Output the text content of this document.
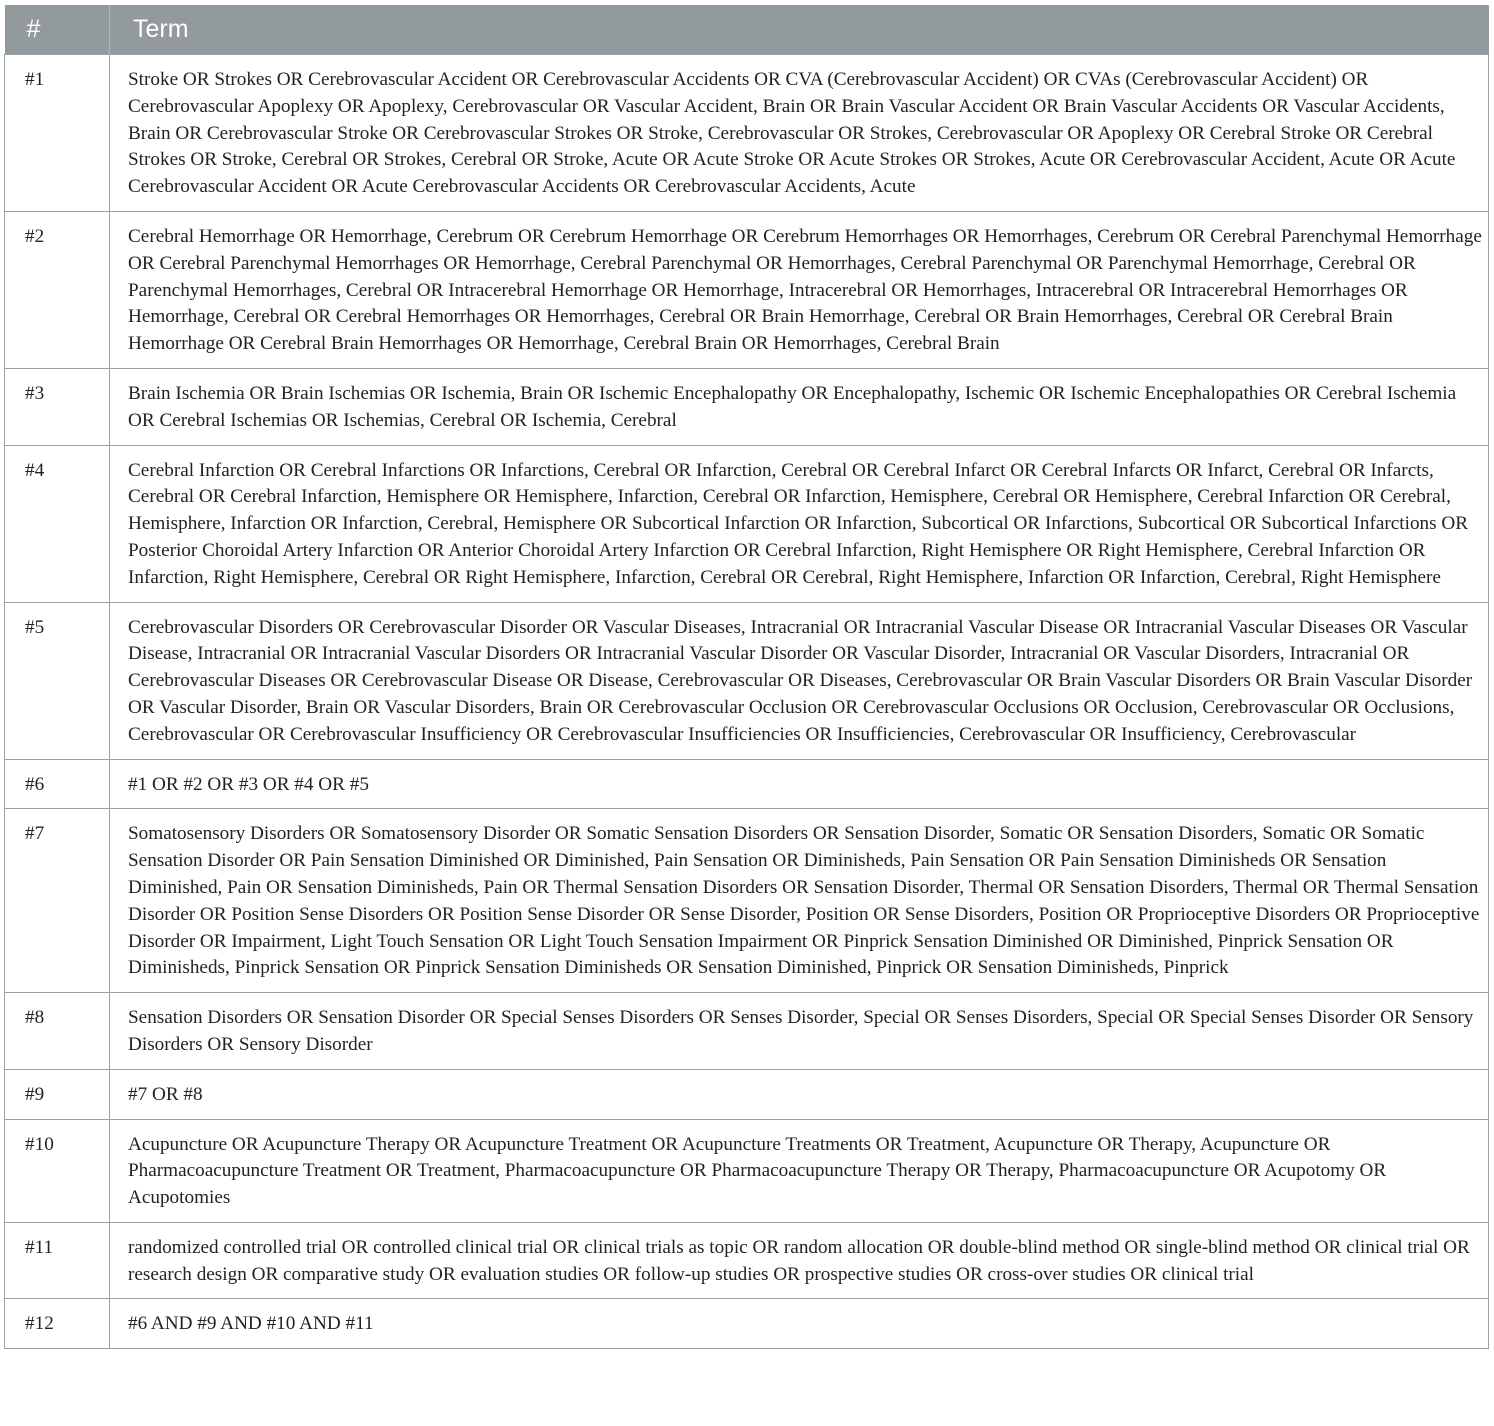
#	Term
#1	Stroke OR Strokes OR Cerebrovascular Accident OR Cerebrovascular Accidents OR CVA (Cerebrovascular Accident) OR CVAs (Cerebrovascular Accident) OR Cerebrovascular Apoplexy OR Apoplexy, Cerebrovascular OR Vascular Accident, Brain OR Brain Vascular Accident OR Brain Vascular Accidents OR Vascular Accidents, Brain OR Cerebrovascular Stroke OR Cerebrovascular Strokes OR Stroke, Cerebrovascular OR Strokes, Cerebrovascular OR Apoplexy OR Cerebral Stroke OR Cerebral Strokes OR Stroke, Cerebral OR Strokes, Cerebral OR Stroke, Acute OR Acute Stroke OR Acute Strokes OR Strokes, Acute OR Cerebrovascular Accident, Acute OR Acute Cerebrovascular Accident OR Acute Cerebrovascular Accidents OR Cerebrovascular Accidents, Acute
#2	Cerebral Hemorrhage OR Hemorrhage, Cerebrum OR Cerebrum Hemorrhage OR Cerebrum Hemorrhages OR Hemorrhages, Cerebrum OR Cerebral Parenchymal Hemorrhage OR Cerebral Parenchymal Hemorrhages OR Hemorrhage, Cerebral Parenchymal OR Hemorrhages, Cerebral Parenchymal OR Parenchymal Hemorrhage, Cerebral OR Parenchymal Hemorrhages, Cerebral OR Intracerebral Hemorrhage OR Hemorrhage, Intracerebral OR Hemorrhages, Intracerebral OR Intracerebral Hemorrhages OR Hemorrhage, Cerebral OR Cerebral Hemorrhages OR Hemorrhages, Cerebral OR Brain Hemorrhage, Cerebral OR Brain Hemorrhages, Cerebral OR Cerebral Brain Hemorrhage OR Cerebral Brain Hemorrhages OR Hemorrhage, Cerebral Brain OR Hemorrhages, Cerebral Brain
#3	Brain Ischemia OR Brain Ischemias OR Ischemia, Brain OR Ischemic Encephalopathy OR Encephalopathy, Ischemic OR Ischemic Encephalopathies OR Cerebral Ischemia OR Cerebral Ischemias OR Ischemias, Cerebral OR Ischemia, Cerebral
#4	Cerebral Infarction OR Cerebral Infarctions OR Infarctions, Cerebral OR Infarction, Cerebral OR Cerebral Infarct OR Cerebral Infarcts OR Infarct, Cerebral OR Infarcts, Cerebral OR Cerebral Infarction, Hemisphere OR Hemisphere, Infarction, Cerebral OR Infarction, Hemisphere, Cerebral OR Hemisphere, Cerebral Infarction OR Cerebral, Hemisphere, Infarction OR Infarction, Cerebral, Hemisphere OR Subcortical Infarction OR Infarction, Subcortical OR Infarctions, Subcortical OR Subcortical Infarctions OR Posterior Choroidal Artery Infarction OR Anterior Choroidal Artery Infarction OR Cerebral Infarction, Right Hemisphere OR Right Hemisphere, Cerebral Infarction OR Infarction, Right Hemisphere, Cerebral OR Right Hemisphere, Infarction, Cerebral OR Cerebral, Right Hemisphere, Infarction OR Infarction, Cerebral, Right Hemisphere
#5	Cerebrovascular Disorders OR Cerebrovascular Disorder OR Vascular Diseases, Intracranial OR Intracranial Vascular Disease OR Intracranial Vascular Diseases OR Vascular Disease, Intracranial OR Intracranial Vascular Disorders OR Intracranial Vascular Disorder OR Vascular Disorder, Intracranial OR Vascular Disorders, Intracranial OR Cerebrovascular Diseases OR Cerebrovascular Disease OR Disease, Cerebrovascular OR Diseases, Cerebrovascular OR Brain Vascular Disorders OR Brain Vascular Disorder OR Vascular Disorder, Brain OR Vascular Disorders, Brain OR Cerebrovascular Occlusion OR Cerebrovascular Occlusions OR Occlusion, Cerebrovascular OR Occlusions, Cerebrovascular OR Cerebrovascular Insufficiency OR Cerebrovascular Insufficiencies OR Insufficiencies, Cerebrovascular OR Insufficiency, Cerebrovascular
#6	#1 OR #2 OR #3 OR #4 OR #5
#7	Somatosensory Disorders OR Somatosensory Disorder OR Somatic Sensation Disorders OR Sensation Disorder, Somatic OR Sensation Disorders, Somatic OR Somatic Sensation Disorder OR Pain Sensation Diminished OR Diminished, Pain Sensation OR Diminisheds, Pain Sensation OR Pain Sensation Diminisheds OR Sensation Diminished, Pain OR Sensation Diminisheds, Pain OR Thermal Sensation Disorders OR Sensation Disorder, Thermal OR Sensation Disorders, Thermal OR Thermal Sensation Disorder OR Position Sense Disorders OR Position Sense Disorder OR Sense Disorder, Position OR Sense Disorders, Position OR Proprioceptive Disorders OR Proprioceptive Disorder OR Impairment, Light Touch Sensation OR Light Touch Sensation Impairment OR Pinprick Sensation Diminished OR Diminished, Pinprick Sensation OR Diminisheds, Pinprick Sensation OR Pinprick Sensation Diminisheds OR Sensation Diminished, Pinprick OR Sensation Diminisheds, Pinprick
#8	Sensation Disorders OR Sensation Disorder OR Special Senses Disorders OR Senses Disorder, Special OR Senses Disorders, Special OR Special Senses Disorder OR Sensory Disorders OR Sensory Disorder
#9	#7 OR #8
#10	Acupuncture OR Acupuncture Therapy OR Acupuncture Treatment OR Acupuncture Treatments OR Treatment, Acupuncture OR Therapy, Acupuncture OR Pharmacoacupuncture Treatment OR Treatment, Pharmacoacupuncture OR Pharmacoacupuncture Therapy OR Therapy, Pharmacoacupuncture OR Acupotomy OR Acupotomies
#11	randomized controlled trial OR controlled clinical trial OR clinical trials as topic OR random allocation OR double-blind method OR single-blind method OR clinical trial OR research design OR comparative study OR evaluation studies OR follow-up studies OR prospective studies OR cross-over studies OR clinical trial
#12	#6 AND #9 AND #10 AND #11
